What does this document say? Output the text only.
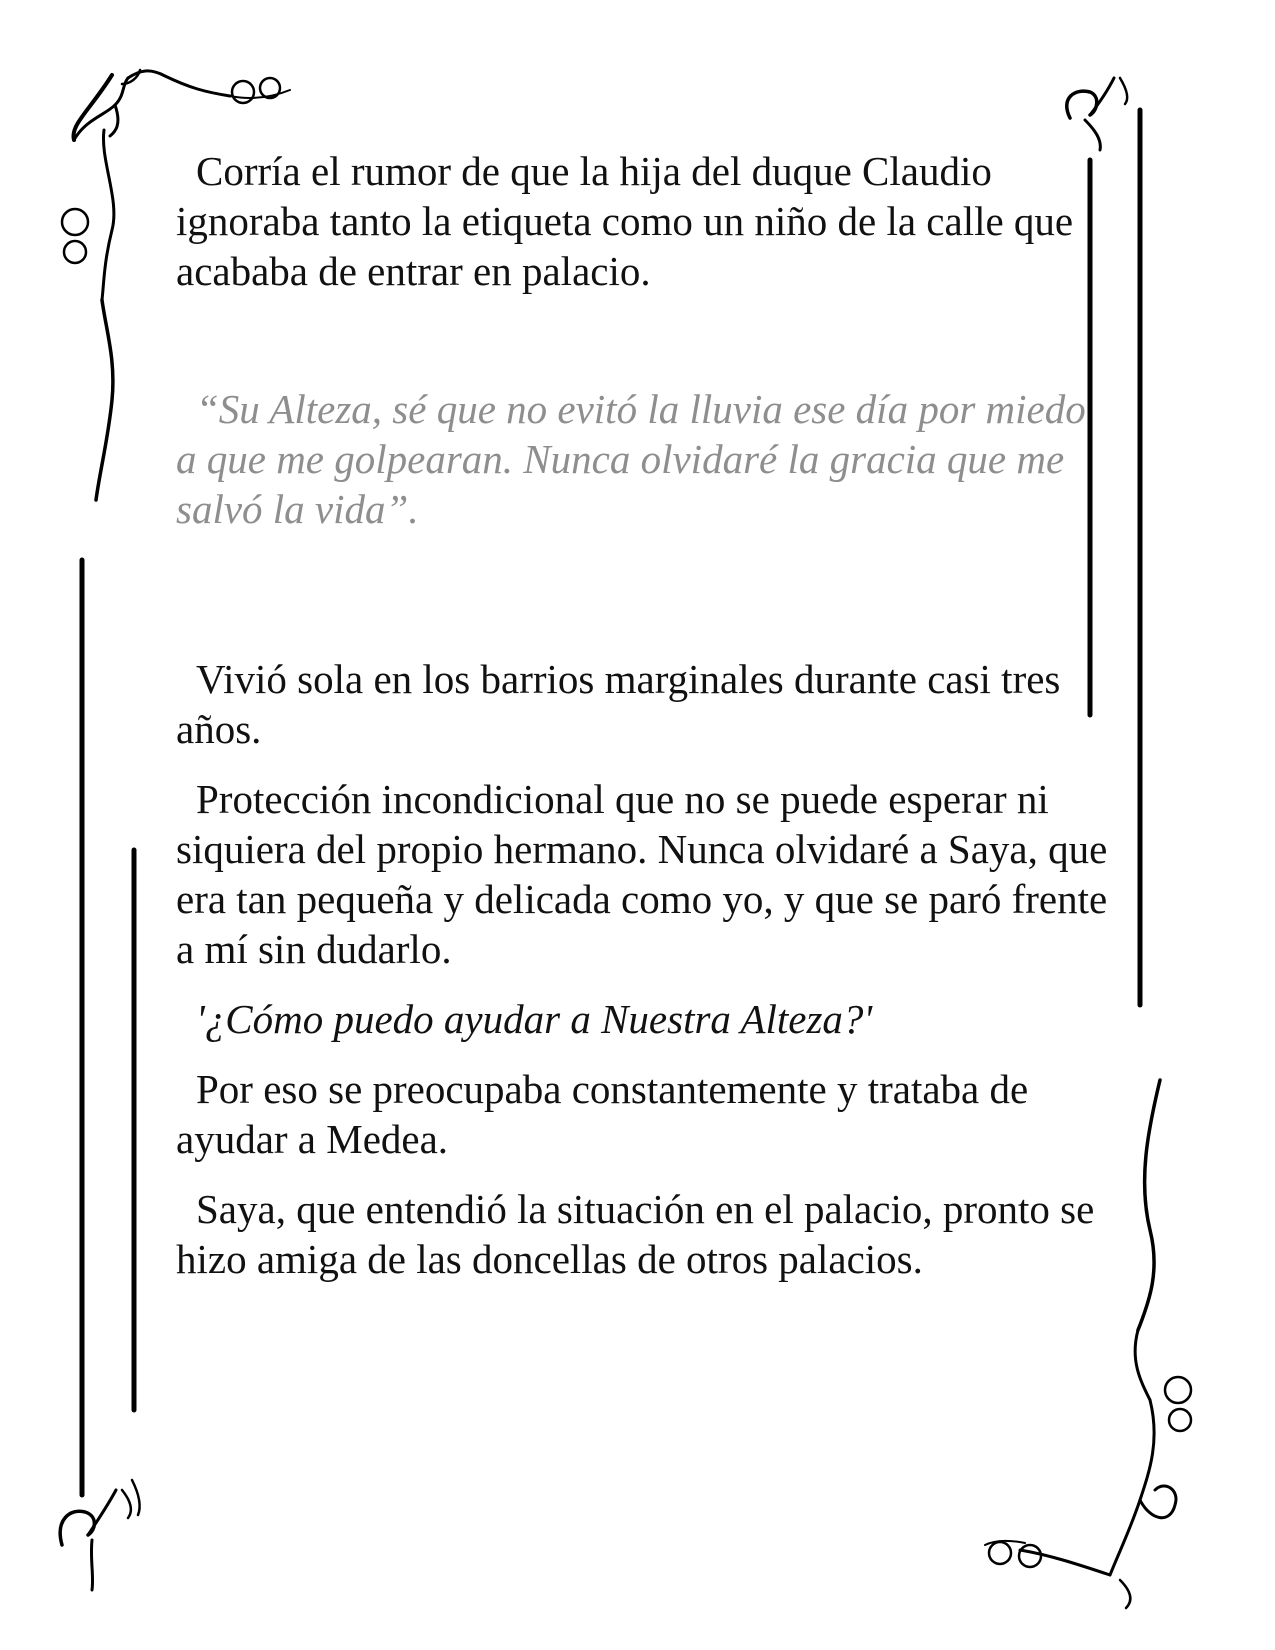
Corría el rumor de que la hija del duque Claudio ignoraba tanto la etiqueta como un niño de la calle que acababa de entrar en palacio.

“Su Alteza, sé que no evitó la lluvia ese día por miedo a que me golpearan. Nunca olvidaré la gracia que me salvó la vida”.

Vivió sola en los barrios marginales durante casi tres años.

Protección incondicional que no se puede esperar ni siquiera del propio hermano. Nunca olvidaré a Saya, que era tan pequeña y delicada como yo, y que se paró frente a mí sin dudarlo.

'¿Cómo puedo ayudar a Nuestra Alteza?'

Por eso se preocupaba constantemente y trataba de ayudar a Medea.

Saya, que entendió la situación en el palacio, pronto se hizo amiga de las doncellas de otros palacios.
